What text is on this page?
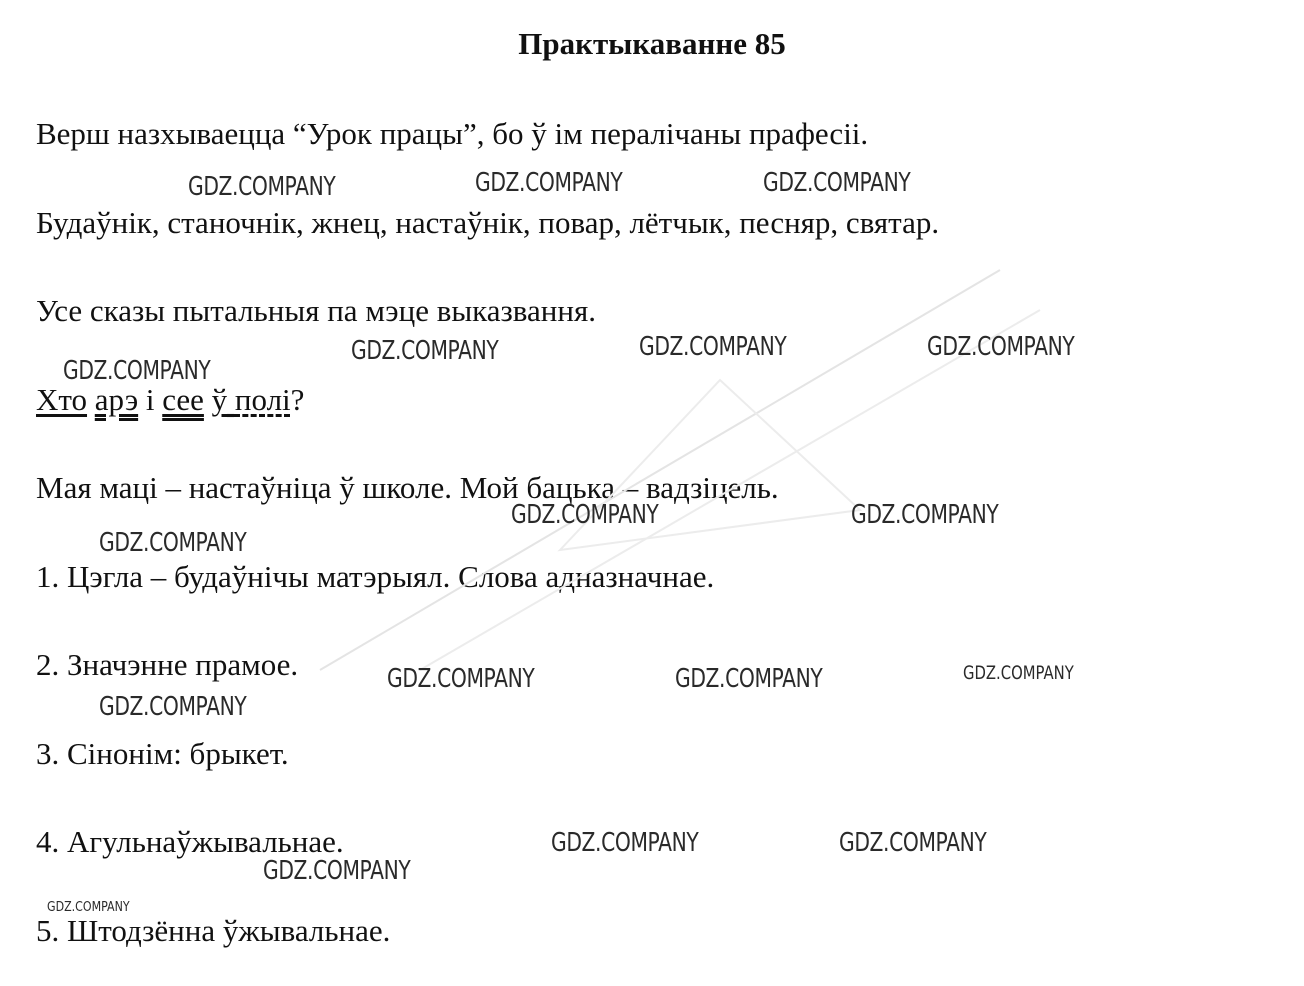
Практыкаванне 85
Верш назхываецца “Урок працы”, бо ў ім пералічаны прафесіі.
Будаўнік, станочнік, жнец, настаўнік, повар, лётчык, песняр, святар.
Усе сказы пытальныя па мэце выказвання.
Хто арэ і сее ў полі?
Мая маці – настаўніца ў школе. Мой бацька – вадзіцель.
1. Цэгла – будаўнічы матэрыял. Слова адназначнае.
2. Значэнне прамое.
3. Сінонім: брыкет.
4. Агульнаўжывальнае.
5. Штодзённа ўжывальнае.
GDZ.COMPANY	GDZ.COMPANY	GDZ.COMPANY
GDZ.COMPANY
GDZ.COMPANY	GDZ.COMPANY	GDZ.COMPANY
GDZ.COMPANY	GDZ.COMPANY
GDZ.COMPANY
GDZ.COMPANY	GDZ.COMPANY	GDZ.COMPANY
GDZ.COMPANY
GDZ.COMPANY	GDZ.COMPANY
GDZ.COMPANY
GDZ.COMPANY
